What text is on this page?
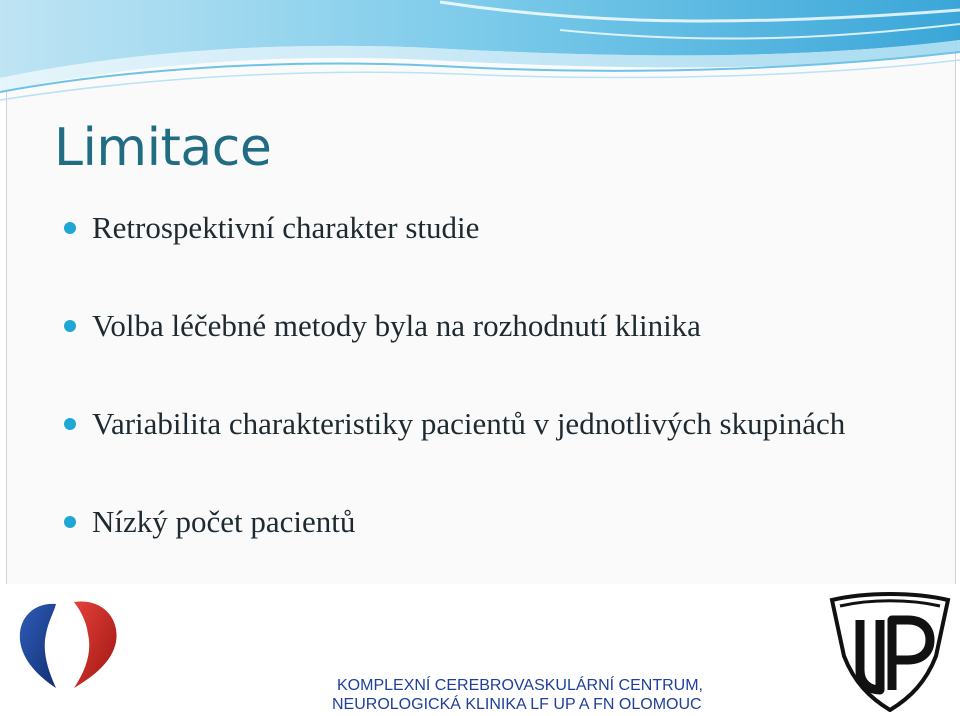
Limitace
Retrospektivní charakter studie
Volba léčebné metody byla na rozhodnutí klinika
Variabilita charakteristiky pacientů v jednotlivých skupinách
Nízký počet pacientů
KOMPLEXNÍ CEREBROVASKULÁRNÍ CENTRUM,
NEUROLOGICKÁ KLINIKA LF UP A FN OLOMOUC
